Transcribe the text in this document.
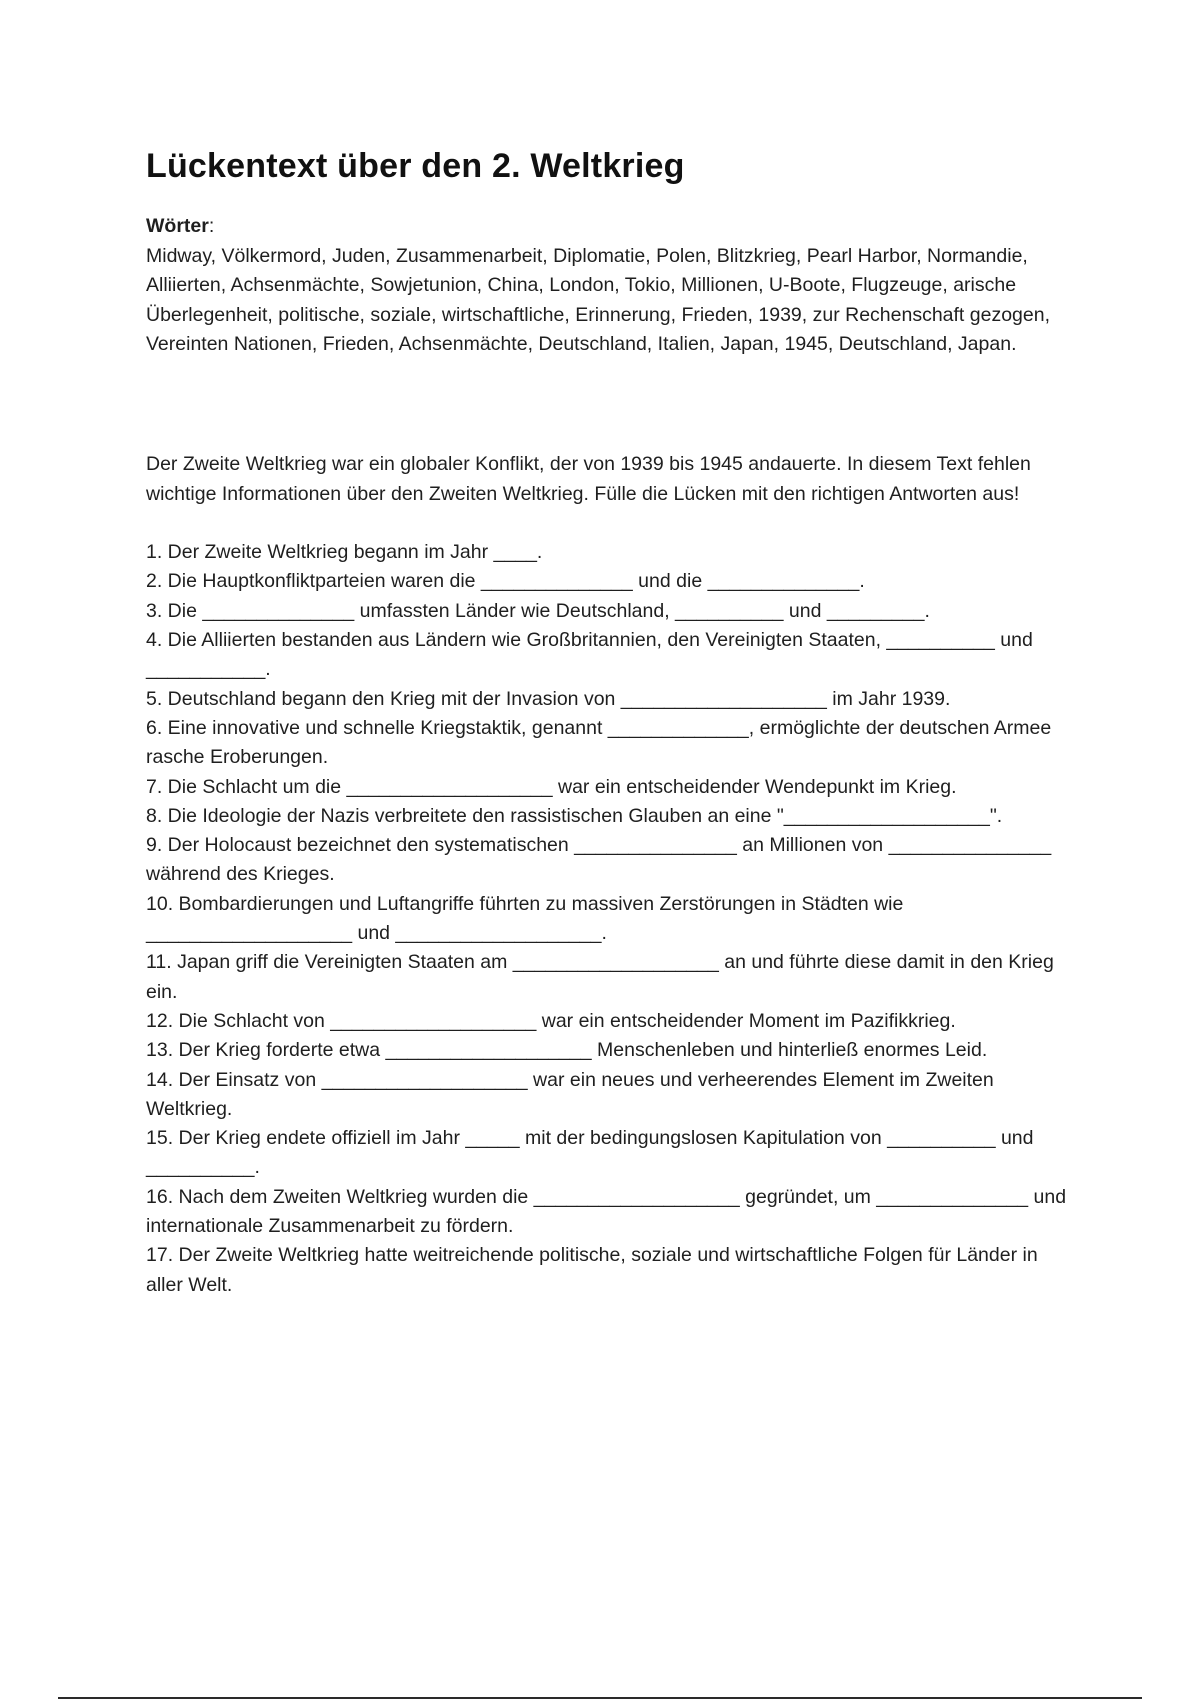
Lückentext über den 2. Weltkrieg
Wörter:
Midway, Völkermord, Juden, Zusammenarbeit, Diplomatie, Polen, Blitzkrieg, Pearl Harbor, Normandie, Alliierten, Achsenmächte, Sowjetunion, China, London, Tokio, Millionen, U-Boote, Flugzeuge, arische Überlegenheit, politische, soziale, wirtschaftliche, Erinnerung, Frieden, 1939, zur Rechenschaft gezogen, Vereinten Nationen, Frieden, Achsenmächte, Deutschland, Italien, Japan, 1945, Deutschland, Japan.
Der Zweite Weltkrieg war ein globaler Konflikt, der von 1939 bis 1945 andauerte. In diesem Text fehlen wichtige Informationen über den Zweiten Weltkrieg. Fülle die Lücken mit den richtigen Antworten aus!
1. Der Zweite Weltkrieg begann im Jahr ____.
2. Die Hauptkonfliktparteien waren die ______________ und die ______________.
3. Die ______________ umfassten Länder wie Deutschland, __________ und _________.
4. Die Alliierten bestanden aus Ländern wie Großbritannien, den Vereinigten Staaten, __________ und ___________.
5. Deutschland begann den Krieg mit der Invasion von ___________________ im Jahr 1939.
6. Eine innovative und schnelle Kriegstaktik, genannt _____________, ermöglichte der deutschen Armee rasche Eroberungen.
7. Die Schlacht um die ___________________ war ein entscheidender Wendepunkt im Krieg.
8. Die Ideologie der Nazis verbreitete den rassistischen Glauben an eine "___________________".
9. Der Holocaust bezeichnet den systematischen _______________ an Millionen von _______________ während des Krieges.
10. Bombardierungen und Luftangriffe führten zu massiven Zerstörungen in Städten wie ___________________ und ___________________.
11. Japan griff die Vereinigten Staaten am ___________________ an und führte diese damit in den Krieg ein.
12. Die Schlacht von ___________________ war ein entscheidender Moment im Pazifikkrieg.
13. Der Krieg forderte etwa ___________________ Menschenleben und hinterließ enormes Leid.
14. Der Einsatz von ___________________ war ein neues und verheerendes Element im Zweiten Weltkrieg.
15. Der Krieg endete offiziell im Jahr _____ mit der bedingungslosen Kapitulation von __________ und __________.
16. Nach dem Zweiten Weltkrieg wurden die ___________________ gegründet, um ______________ und internationale Zusammenarbeit zu fördern.
17. Der Zweite Weltkrieg hatte weitreichende politische, soziale und wirtschaftliche Folgen für Länder in aller Welt.
